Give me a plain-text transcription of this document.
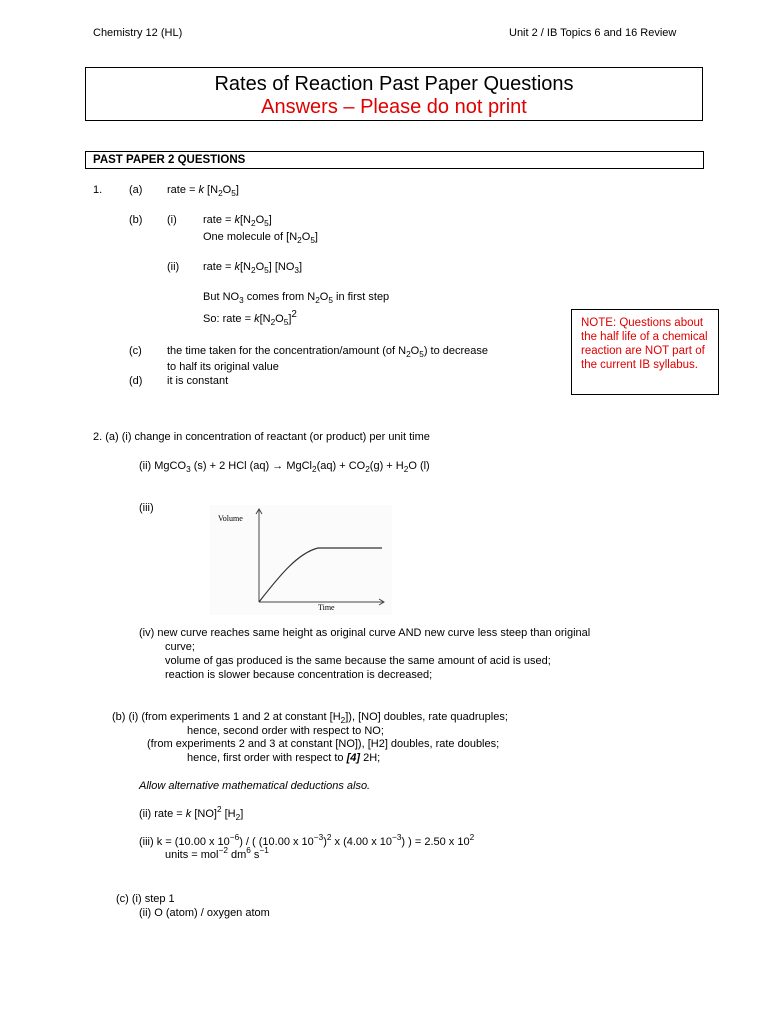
Chemistry 12 (HL)	Unit 2 / IB Topics 6 and 16 Review
Rates of Reaction Past Paper Questions
Answers – Please do not print
PAST PAPER 2 QUESTIONS
NOTE: Questions about the half life of a chemical reaction are NOT part of the current IB syllabus.
1. (a) rate = k $[N_2O_5]$
(b) (i) rate = $k[N_2O_5]$
One molecule of $[N_2O_5]$
(ii) rate = $k[N_2O_5]$ $[NO_3]$
But $NO_3$ comes from $N_2O_5$ in first step
So: rate = $k[N_2O_5]^2$
(c) the time taken for the concentration/amount (of $N_2O_5$) to decrease
to half its original value
(d) it is constant
2. (a) (i) change in concentration of reactant (or product) per unit time
(ii) MgCO$_3$ (s) + 2 HCl (aq) → MgCl$_2$(aq) + $CO_2(g) + H_2O$ (l)
(iii)
Volume
Time
(iv) new curve reaches same height as original curve AND new curve less steep than original
curve;
volume of gas produced is the same because the same amount of acid is used;
reaction is slower because concentration is decreased;
(b) (i) (from experiments 1 and 2 at constant $[H_2]$), [NO] doubles, rate quadruples;
hence, second order with respect to NO;
(from experiments 2 and 3 at constant [NO]), [H2] doubles, rate doubles;
hence, first order with respect to [4] 2H;
Allow alternative mathematical deductions also.
(ii) rate = k [NO]$^2$ $[H_2]$
(iii) k = (10.00 x $10^{-6}$) / ( (10.00 x $10^{-3})^2$ x (4.00 x $10^{-3}$) ) = 2.50 x $10^2$
units = mol$^{-2}$ $dm^6$ $s^{-1}$
(c) (i) step 1
(ii) O (atom) / oxygen atom
